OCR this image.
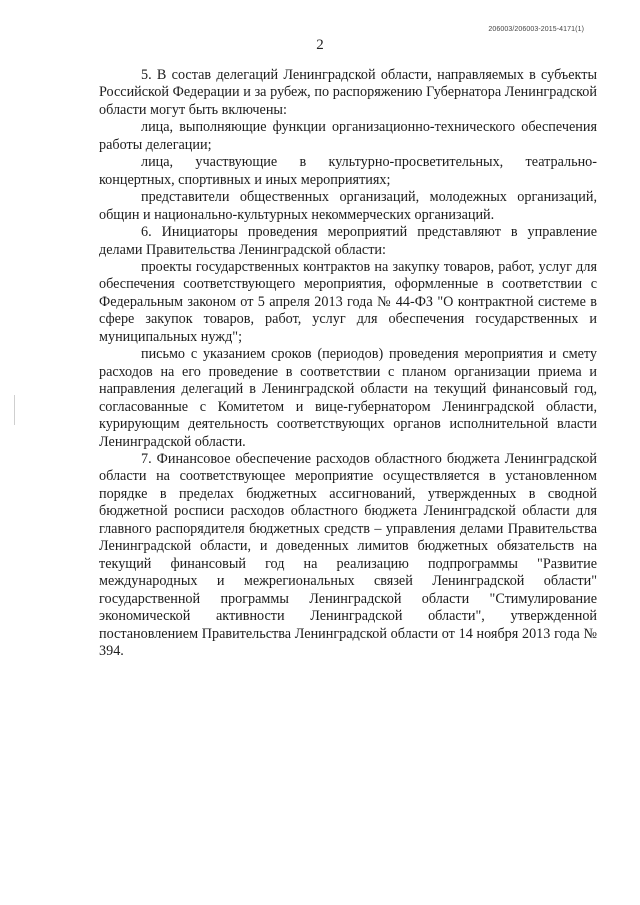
206003/206003-2015-4171(1)
2

5. В состав делегаций Ленинградской области, направляемых в субъекты Российской Федерации и за рубеж, по распоряжению Губернатора Ленинградской области могут быть включены:

лица, выполняющие функции организационно-технического обеспечения работы делегации;

лица, участвующие в культурно-просветительных, театрально-концертных, спортивных и иных мероприятиях;

представители общественных организаций, молодежных организаций, общин и национально-культурных некоммерческих организаций.

6. Инициаторы проведения мероприятий представляют в управление делами Правительства Ленинградской области:

проекты государственных контрактов на закупку товаров, работ, услуг для обеспечения соответствующего мероприятия, оформленные в соответствии с Федеральным законом от 5 апреля 2013 года № 44-ФЗ "О контрактной системе в сфере закупок товаров, работ, услуг для обеспечения государственных и муниципальных нужд";

письмо с указанием сроков (периодов) проведения мероприятия и смету расходов на его проведение в соответствии с планом организации приема и направления делегаций в Ленинградской области на текущий финансовый год, согласованные с Комитетом и вице-губернатором Ленинградской области, курирующим деятельность соответствующих органов исполнительной власти Ленинградской области.

7. Финансовое обеспечение расходов областного бюджета Ленинградской области на соответствующее мероприятие осуществляется в установленном порядке в пределах бюджетных ассигнований, утвержденных в сводной бюджетной росписи расходов областного бюджета Ленинградской области для главного распорядителя бюджетных средств – управления делами Правительства Ленинградской области, и доведенных лимитов бюджетных обязательств на текущий финансовый год на реализацию подпрограммы "Развитие международных и межрегиональных связей Ленинградской области" государственной программы Ленинградской области "Стимулирование экономической активности Ленинградской области", утвержденной постановлением Правительства Ленинградской области от 14 ноября 2013 года № 394.
